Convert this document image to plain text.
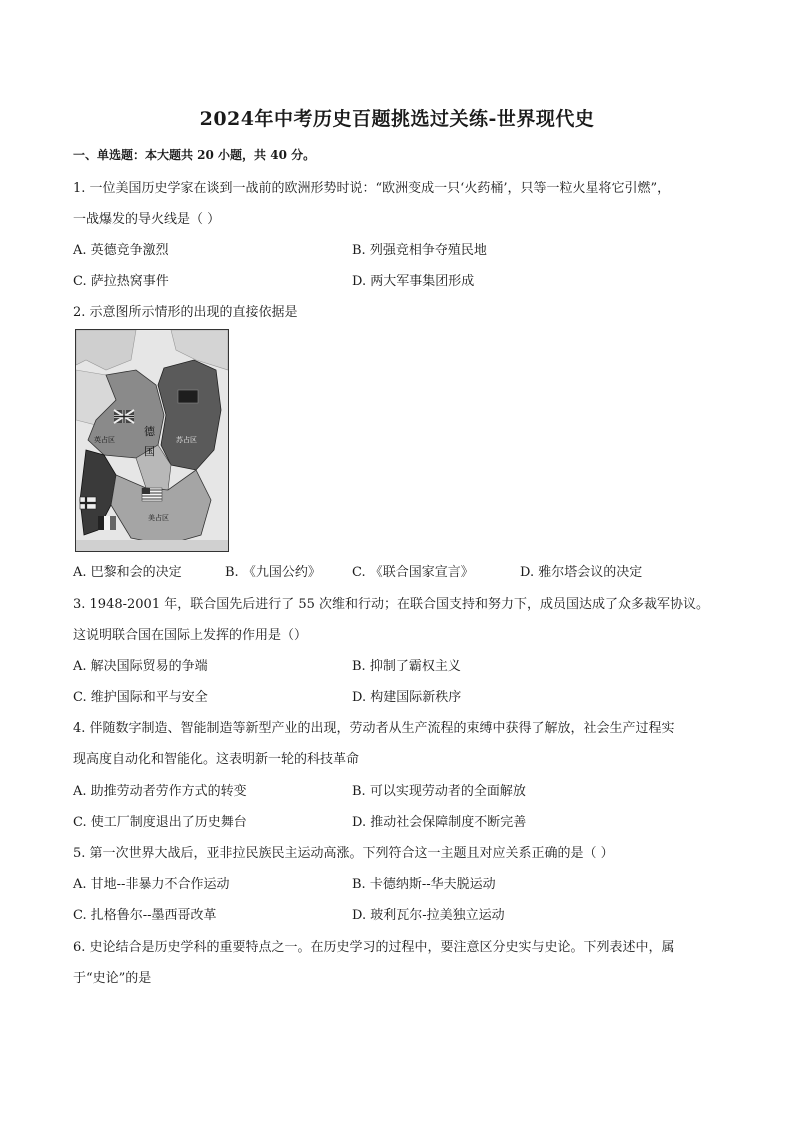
2024年中考历史百题挑选过关练-世界现代史
一、单选题：本大题共 20 小题，共 40 分。
1. 一位美国历史学家在谈到一战前的欧洲形势时说：“欧洲变成一只‘火药桶’，只等一粒火星将它引燃”，
一战爆发的导火线是（ ）
A. 英德竞争激烈	B. 列强竞相争夺殖民地
C. 萨拉热窝事件	D. 两大军事集团形成
2. 示意图所示情形的出现的直接依据是
英占区	苏占区
美占区
德
国
A. 巴黎和会的决定	B. 《九国公约》 C. 《联合国家宣言》	D. 雅尔塔会议的决定
3. 1948-2001 年，联合国先后进行了 55 次维和行动；在联合国支持和努力下，成员国达成了众多裁军协议。
这说明联合国在国际上发挥的作用是（）
A. 解决国际贸易的争端	B. 抑制了霸权主义
C. 维护国际和平与安全	D. 构建国际新秩序
4. 伴随数字制造、智能制造等新型产业的出现，劳动者从生产流程的束缚中获得了解放，社会生产过程实
现高度自动化和智能化。这表明新一轮的科技革命
A. 助推劳动者劳作方式的转变	B. 可以实现劳动者的全面解放
C. 使工厂制度退出了历史舞台	D. 推动社会保障制度不断完善
5. 第一次世界大战后，亚非拉民族民主运动高涨。下列符合这一主题且对应关系正确的是（ ）
A. 甘地--非暴力不合作运动	B. 卡德纳斯--华夫脱运动
C. 扎格鲁尔--墨西哥改革	D. 玻利瓦尔-拉美独立运动
6. 史论结合是历史学科的重要特点之一。在历史学习的过程中，要注意区分史实与史论。下列表述中，属
于“史论”的是
